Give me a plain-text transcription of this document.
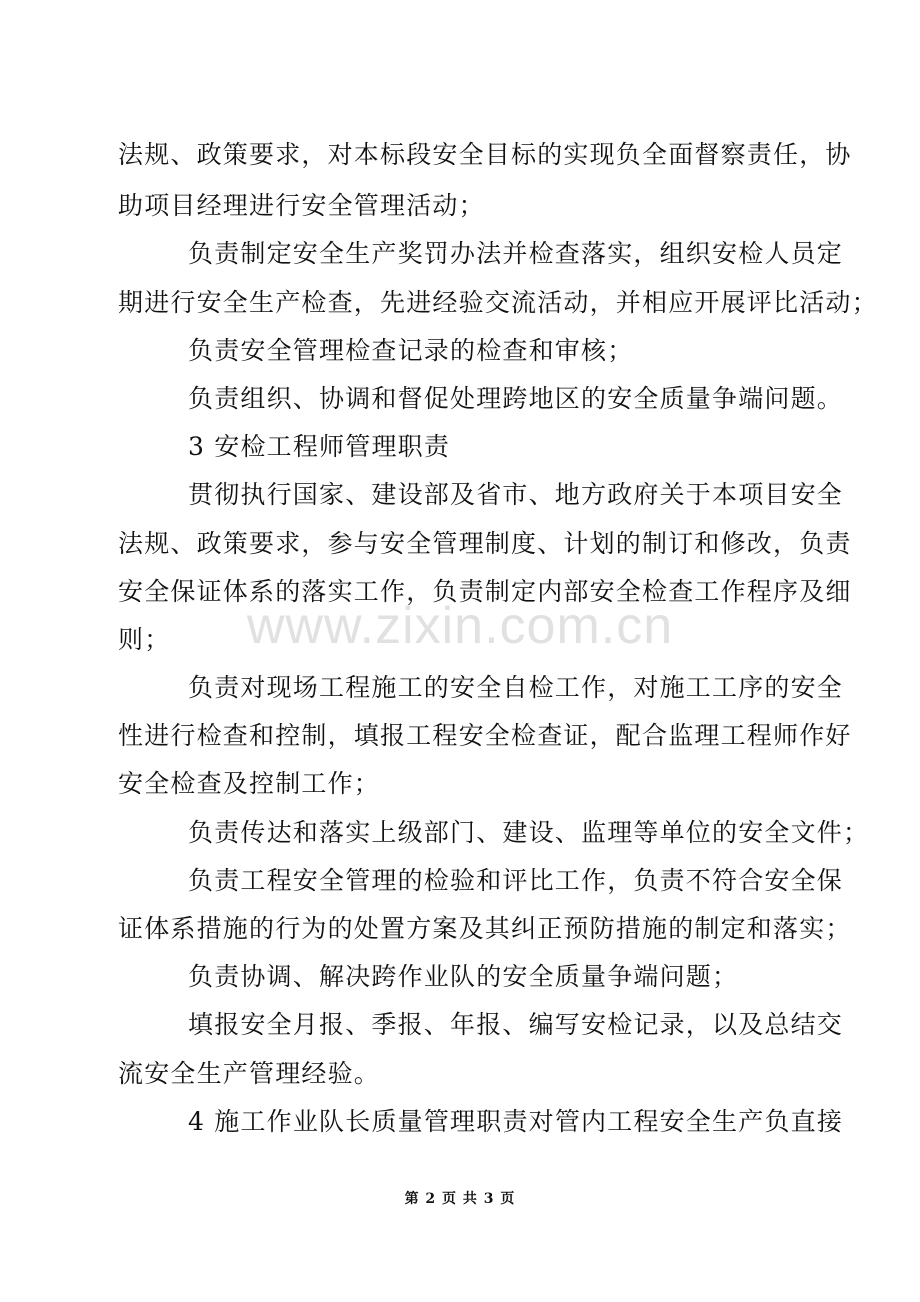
法规、政策要求，对本标段安全目标的实现负全面督察责任，协
助项目经理进行安全管理活动；
负责制定安全生产奖罚办法并检查落实，组织安检人员定
期进行安全生产检查，先进经验交流活动，并相应开展评比活动；
负责安全管理检查记录的检查和审核；
负责组织、协调和督促处理跨地区的安全质量争端问题。
3 安检工程师管理职责
贯彻执行国家、建设部及省市、地方政府关于本项目安全
法规、政策要求，参与安全管理制度、计划的制订和修改，负责
安全保证体系的落实工作，负责制定内部安全检查工作程序及细
则；
负责对现场工程施工的安全自检工作，对施工工序的安全
性进行检查和控制，填报工程安全检查证，配合监理工程师作好
安全检查及控制工作；
负责传达和落实上级部门、建设、监理等单位的安全文件；
负责工程安全管理的检验和评比工作，负责不符合安全保
证体系措施的行为的处置方案及其纠正预防措施的制定和落实；
负责协调、解决跨作业队的安全质量争端问题；
填报安全月报、季报、年报、编写安检记录，以及总结交
流安全生产管理经验。
4 施工作业队长质量管理职责对管内工程安全生产负直接
www.zixin.com.cn
第 2 页 共 3 页
